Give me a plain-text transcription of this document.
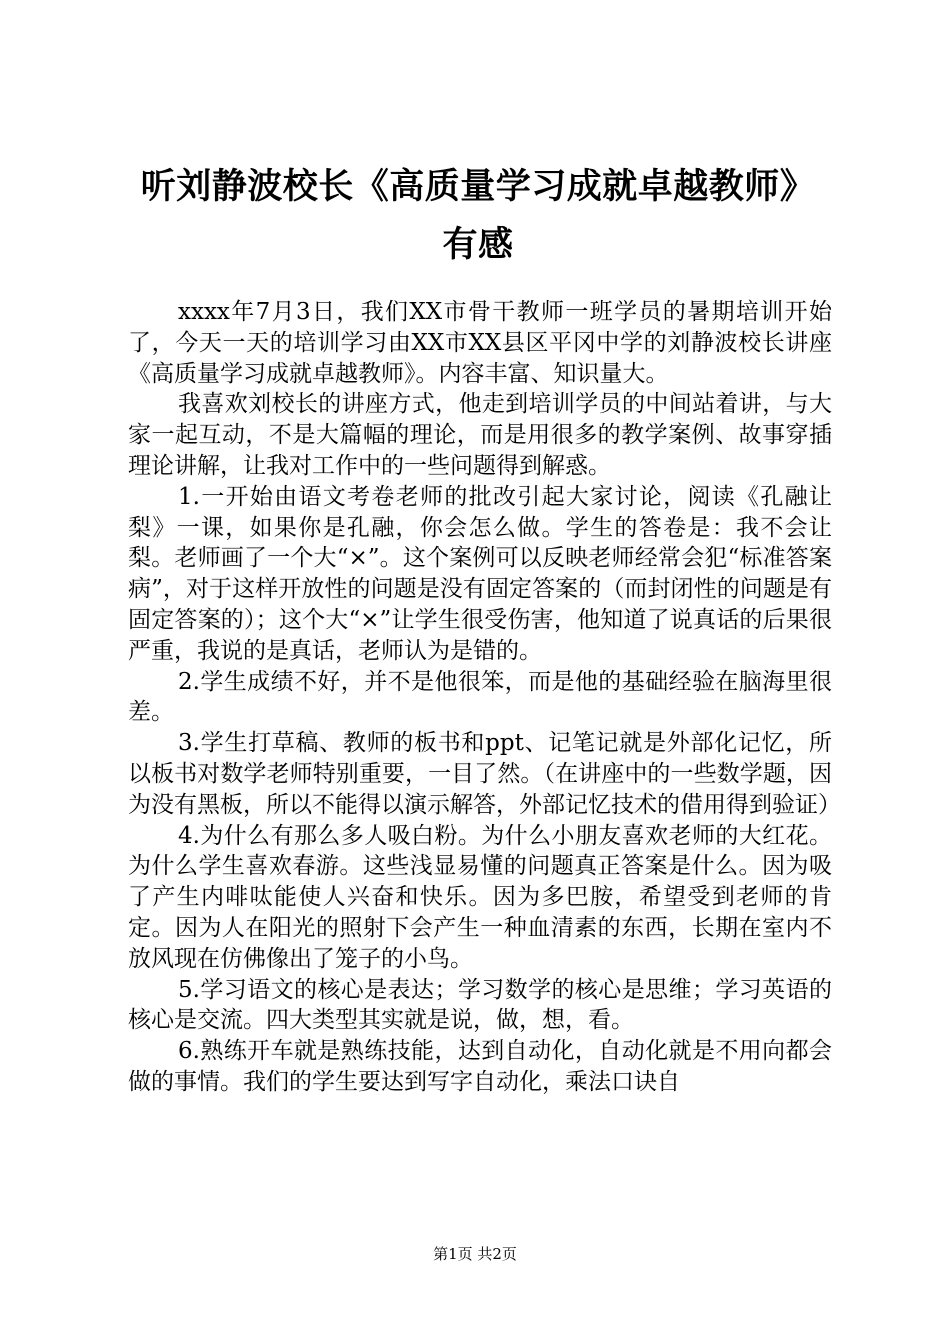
听刘静波校长《高质量学习成就卓越教师》有感

xxxx年7月3日，我们XX市骨干教师一班学员的暑期培训开始了，今天一天的培训学习由XX市XX县区平冈中学的刘静波校长讲座《高质量学习成就卓越教师》。内容丰富、知识量大。

我喜欢刘校长的讲座方式，他走到培训学员的中间站着讲，与大家一起互动，不是大篇幅的理论，而是用很多的教学案例、故事穿插理论讲解，让我对工作中的一些问题得到解惑。

1.一开始由语文考卷老师的批改引起大家讨论，阅读《孔融让梨》一课，如果你是孔融，你会怎么做。学生的答卷是：我不会让梨。老师画了一个大“×”。这个案例可以反映老师经常会犯“标准答案病”，对于这样开放性的问题是没有固定答案的（而封闭性的问题是有固定答案的）；这个大“×”让学生很受伤害，他知道了说真话的后果很严重，我说的是真话，老师认为是错的。

2.学生成绩不好，并不是他很笨，而是他的基础经验在脑海里很差。

3.学生打草稿、教师的板书和ppt、记笔记就是外部化记忆，所以板书对数学老师特别重要，一目了然。（在讲座中的一些数学题，因为没有黑板，所以不能得以演示解答，外部记忆技术的借用得到验证）

4.为什么有那么多人吸白粉。为什么小朋友喜欢老师的大红花。为什么学生喜欢春游。这些浅显易懂的问题真正答案是什么。因为吸了产生内啡呔能使人兴奋和快乐。因为多巴胺，希望受到老师的肯定。因为人在阳光的照射下会产生一种血清素的东西，长期在室内不放风现在仿佛像出了笼子的小鸟。

5.学习语文的核心是表达；学习数学的核心是思维；学习英语的核心是交流。四大类型其实就是说，做，想，看。

6.熟练开车就是熟练技能，达到自动化，自动化就是不用向都会做的事情。我们的学生要达到写字自动化，乘法口诀自

第1页 共2页
